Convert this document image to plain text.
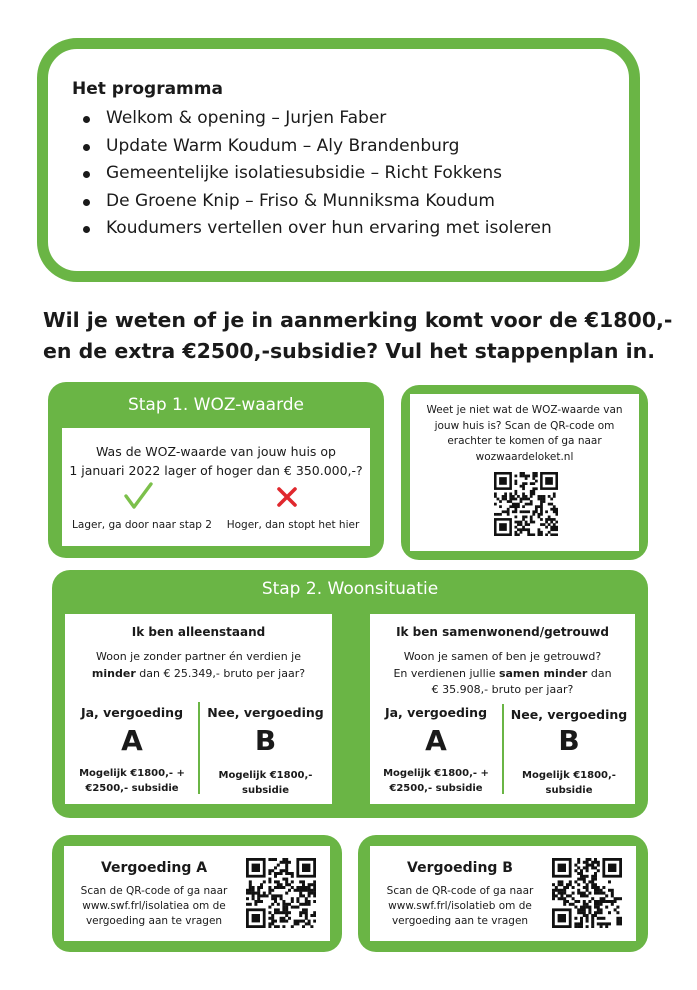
Het programma
Welkom & opening – Jurjen Faber
Update Warm Koudum – Aly Brandenburg
Gemeentelijke isolatiesubsidie – Richt Fokkens
De Groene Knip – Friso & Munniksma Koudum
Koudumers vertellen over hun ervaring met isoleren
Wil je weten of je in aanmerking komt voor de €1800,-
en de extra €2500,-subsidie? Vul het stappenplan in.
Stap 1. WOZ-waarde
Was de WOZ-waarde van jouw huis op
1 januari 2022 lager of hoger dan € 350.000,-?
Lager, ga door naar stap 2	Hoger, dan stopt het hier
Weet je niet wat de WOZ-waarde van
jouw huis is? Scan de QR-code om
erachter te komen of ga naar
wozwaardeloket.nl
Stap 2. Woonsituatie
Ik ben alleenstaand
Woon je zonder partner én verdien je
minder dan € 25.349,- bruto per jaar?
Ja, vergoeding	Nee, vergoeding
A	B
Mogelijk €1800,- +
€2500,- subsidie
Mogelijk €1800,-
subsidie
Ik ben samenwonend/getrouwd
Woon je samen of ben je getrouwd?
En verdienen jullie samen minder dan
€ 35.908,- bruto per jaar?
Ja, vergoeding	Nee, vergoeding
A	B
Mogelijk €1800,- +
€2500,- subsidie
Mogelijk €1800,-
subsidie
Vergoeding A
Scan de QR-code of ga naar
www.swf.frl/isolatiea om de
vergoeding aan te vragen
Vergoeding B
Scan de QR-code of ga naar
www.swf.frl/isolatieb om de
vergoeding aan te vragen
